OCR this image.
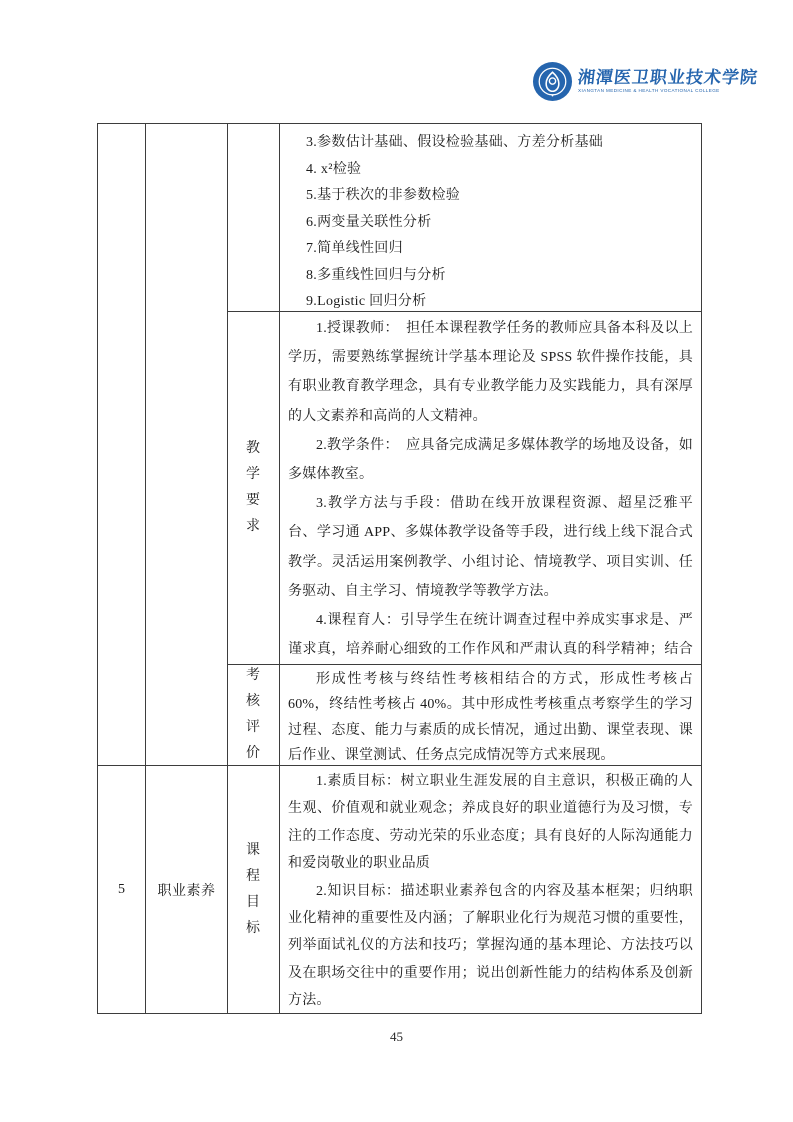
湘潭医卫职业技术学院
XIANGTAN MEDICINE & HEALTH VOCATIONAL COLLEGE
3.参数估计基础、假设检验基础、方差分析基础
4. x²检验
5.基于秩次的非参数检验
6.两变量关联性分析
7.简单线性回归
8.多重线性回归与分析
9.Logistic 回归分析
教学要求

1.授课教师：　担任本课程教学任务的教师应具备本科及以上学历，需要熟练掌握统计学基本理论及 SPSS 软件操作技能，具有职业教育教学理念，具有专业教学能力及实践能力，具有深厚的人文素养和高尚的人文精神。

2.教学条件：　应具备完成满足多媒体教学的场地及设备，如多媒体教室。

3.教学方法与手段：借助在线开放课程资源、超星泛雅平台、学习通 APP、多媒体教学设备等手段，进行线上线下混合式教学。灵活运用案例教学、小组讨论、情境教学、项目实训、任务驱动、自主学习、情境教学等教学方法。

4.课程育人：引导学生在统计调查过程中养成实事求是、严谨求真，培养耐心细致的工作作风和严肃认真的科学精神；结合

考核评价

形成性考核与终结性考核相结合的方式，形成性考核占 60%，终结性考核占 40%。其中形成性考核重点考察学生的学习过程、态度、能力与素质的成长情况，通过出勤、课堂表现、课后作业、课堂测试、任务点完成情况等方式来展现。

5 职业素养
课程目标

1.素质目标：树立职业生涯发展的自主意识，积极正确的人生观、价值观和就业观念；养成良好的职业道德行为及习惯，专注的工作态度、劳动光荣的乐业态度；具有良好的人际沟通能力和爱岗敬业的职业品质

2.知识目标：描述职业素养包含的内容及基本框架；归纳职业化精神的重要性及内涵；了解职业化行为规范习惯的重要性，列举面试礼仪的方法和技巧；掌握沟通的基本理论、方法技巧以及在职场交往中的重要作用；说出创新性能力的结构体系及创新方法。

45
